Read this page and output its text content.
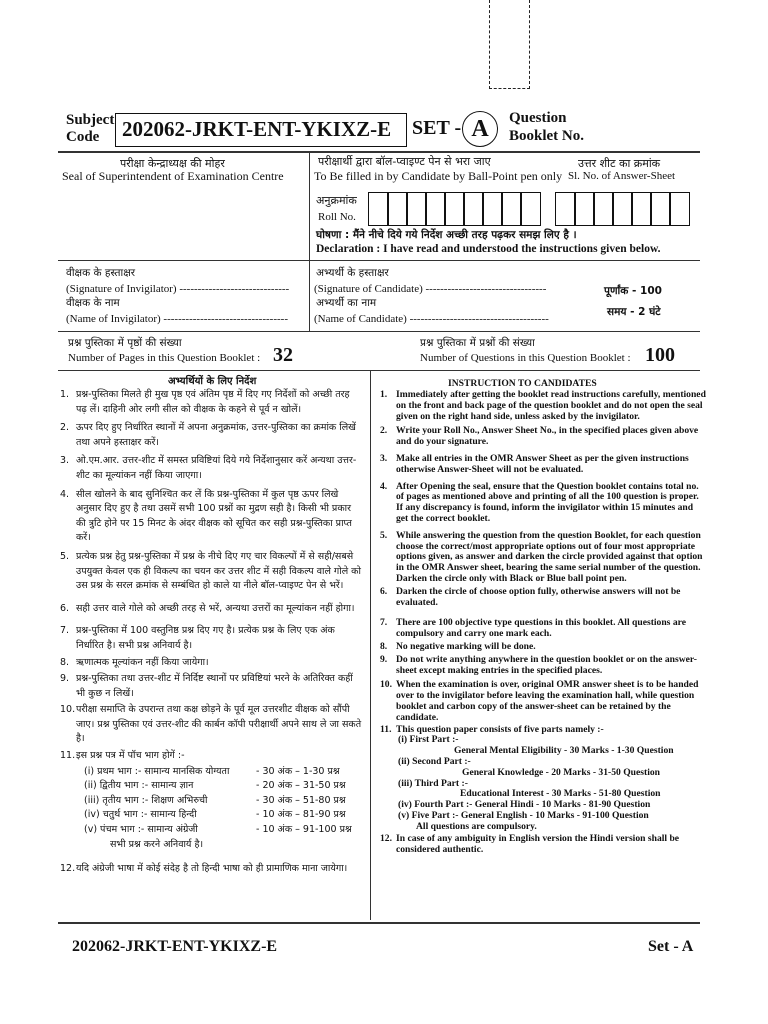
Subject
Code	202062-JRKT-ENT-YKIXZ-E SET - A	Question
Booklet No.
परीक्षा केन्द्राध्यक्ष की मोहर
Seal of Superintendent of Examination Centre
परीक्षार्थी द्वारा बॉल-प्वाइण्ट पेन से भरा जाए
To Be filled in by Candidate by Ball-Point pen only
उत्तर शीट का क्रमांक
Sl. No. of Answer-Sheet
अनुक्रमांक
Roll No.
घोषणा : मैंने नीचे दिये गये निर्देश अच्छी तरह पढ़कर समझ लिए है ।
Declaration : I have read and understood the instructions given below.
वीक्षक के हस्ताक्षर
(Signature of Invigilator) ------------------------------
वीक्षक के नाम
(Name of Invigilator) ----------------------------------
अभ्यर्थी के हस्ताक्षर
(Signature of Candidate) ---------------------------------
अभ्यर्थी का नाम
(Name of Candidate) --------------------------------------
पूर्णांक - 100
समय - 2 घंटे
प्रश्न पुस्तिका में पृष्ठों की संख्या
Number of Pages in this Question Booklet : 32
प्रश्न पुस्तिका में प्रश्नों की संख्या
Number of Questions in this Question Booklet : 100
अभ्यर्थियों के लिए निर्देश
1. प्रश्न-पुस्तिका मिलते ही मुख पृष्ठ एवं अंतिम पृष्ठ में दिए गए निर्देशों को अच्छी तरह पढ़ लें। दाहिनी ओर लगी सील को वीक्षक के कहने से पूर्व न खोलें।
2. ऊपर दिए हुए निर्धारित स्थानों में अपना अनुक्रमांक, उत्तर-पुस्तिका का क्रमांक लिखें तथा अपने हस्ताक्षर करें।
3. ओ.एम.आर. उत्तर-शीट में समस्त प्रविष्टियां दिये गये निर्देशानुसार करें अन्यथा उत्तर-शीट का मूल्यांकन नहीं किया जाएगा।
4. सील खोलने के बाद सुनिश्चित कर लें कि प्रश्न-पुस्तिका में कुल पृष्ठ ऊपर लिखे अनुसार दिए हुए है तथा उसमें सभी 100 प्रश्नों का मुद्रण सही है। किसी भी प्रकार की त्रुटि होने पर 15 मिनट के अंदर वीक्षक को सूचित कर सही प्रश्न-पुस्तिका प्राप्त करें।
5. प्रत्येक प्रश्न हेतु प्रश्न-पुस्तिका में प्रश्न के नीचे दिए गए चार विकल्पों में से सही/सबसे उपयुक्त केवल एक ही विकल्प का चयन कर उत्तर शीट में सही विकल्प वाले गोले को उस प्रश्न के सरल क्रमांक से सम्बंधित हो काले या नीले बॉल-प्वाइण्ट पेन से भरें।
6. सही उत्तर वाले गोले को अच्छी तरह से भरें, अन्यथा उत्तरों का मूल्यांकन नहीं होगा।
7. प्रश्न-पुस्तिका में 100 वस्तुनिष्ठ प्रश्न दिए गए है। प्रत्येक प्रश्न के लिए एक अंक निर्धारित है। सभी प्रश्न अनिवार्य है।
8. ऋणात्मक मूल्यांकन नहीं किया जायेगा।
9. प्रश्न-पुस्तिका तथा उत्तर-शीट में निर्दिष्ट स्थानों पर प्रविष्टियां भरने के अतिरिक्त कहीं भी कुछ न लिखें।
10. परीक्षा समाप्ति के उपरान्त तथा कक्ष छोड़ने के पूर्व मूल उत्तरशीट वीक्षक को सौंपी जाए। प्रश्न पुस्तिका एवं उत्तर-शीट की कार्बन कॉपी परीक्षार्थी अपने साथ ले जा सकते है।
11. इस प्रश्न पत्र में पॉच भाग होगें :-
(i) प्रथम भाग :- सामान्य मानसिक योग्यता	- 30 अंक – 1-30 प्रश्न
(ii) द्वितीय भाग :- सामान्य ज्ञान	- 20 अंक – 31-50 प्रश्न
(iii) तृतीय भाग :- शिक्षण अभिरुची	- 30 अंक – 51-80 प्रश्न
(iv) चतुर्थ भाग :- सामान्य हिन्दी	- 10 अंक – 81-90 प्रश्न
(v) पंचम भाग :- सामान्य अंग्रेजी	- 10 अंक – 91-100 प्रश्न
सभी प्रश्न करने अनिवार्य है।
12. यदि अंग्रेजी भाषा में कोई संदेह है तो हिन्दी भाषा को ही प्रामाणिक माना जायेगा।
INSTRUCTION TO CANDIDATES
1. Immediately after getting the booklet read instructions carefully, mentioned on the front and back page of the question booklet and do not open the seal given on the right hand side, unless asked by the invigilator.
2. Write your Roll No., Answer Sheet No., in the specified places given above and do your signature.
3. Make all entries in the OMR Answer Sheet as per the given instructions otherwise Answer-Sheet will not be evaluated.
4. After Opening the seal, ensure that the Question booklet contains total no. of pages as mentioned above and printing of all the 100 question is proper. If any discrepancy is found, inform the invigilator within 15 minutes and get the correct booklet.
5. While answering the question from the question Booklet, for each question choose the correct/most appropriate options out of four most appropriate options given, as answer and darken the circle provided against that option in the OMR Answer sheet, bearing the same serial number of the question. Darken the circle only with Black or Blue ball point pen.
6. Darken the circle of choose option fully, otherwise answers will not be evaluated.
7. There are 100 objective type questions in this booklet. All questions are compulsory and carry one mark each.
8. No negative marking will be done.
9. Do not write anything anywhere in the question booklet or on the answer-sheet except making entries in the specified places.
10. When the examination is over, original OMR answer sheet is to be handed over to the invigilator before leaving the examination hall, while question booklet and carbon copy of the answer-sheet can be retained by the candidate.
11. This question paper consists of five parts namely :-
(i) First Part :-
General Mental Eligibility - 30 Marks - 1-30 Question
(ii) Second Part :-
General Knowledge - 20 Marks - 31-50 Question
(iii) Third Part :-
Educational Interest - 30 Marks - 51-80 Question
(iv) Fourth Part :- General Hindi - 10 Marks - 81-90 Question
(v) Five Part :- General English - 10 Marks - 91-100 Question
All questions are compulsory.
12. In case of any ambiguity in English version the Hindi version shall be considered authentic.
202062-JRKT-ENT-YKIXZ-E	Set - A
